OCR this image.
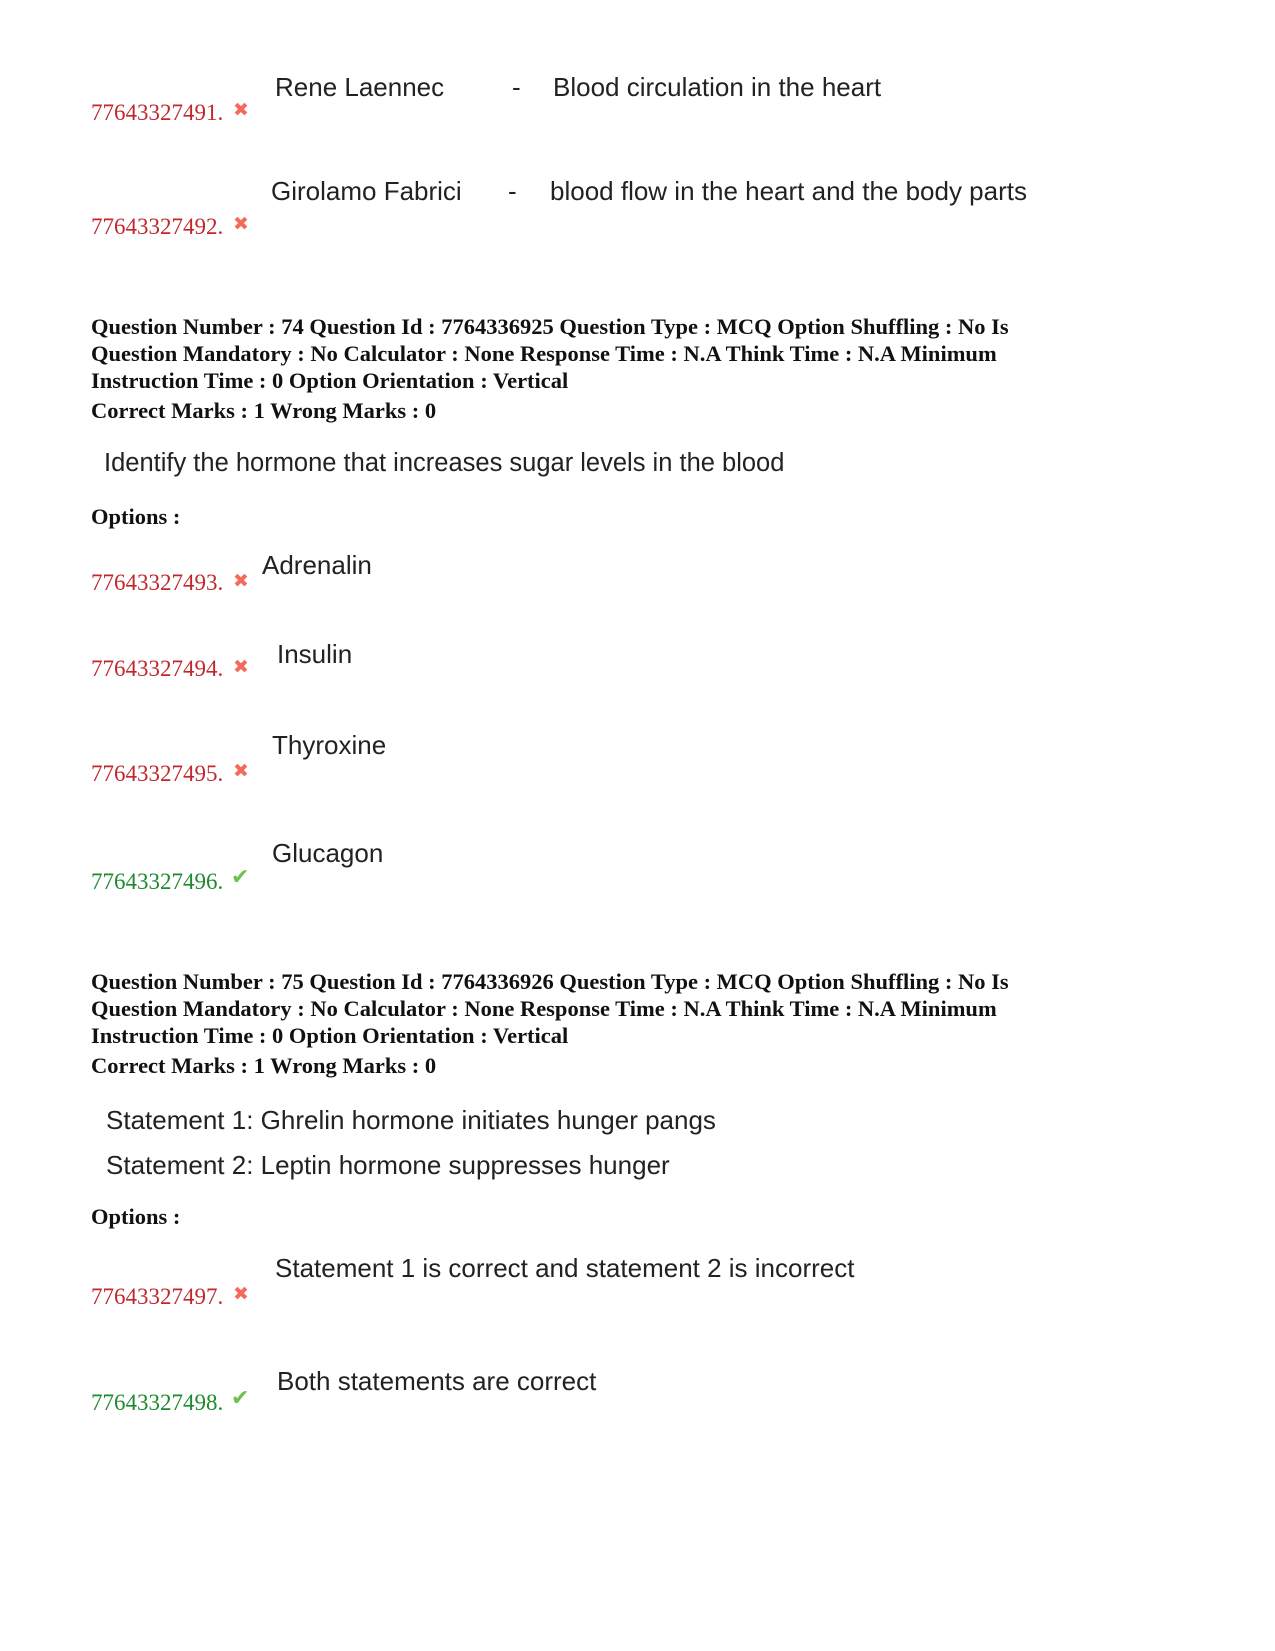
Rene Laennec	- Blood circulation in the heart
77643327491. ✖
Girolamo Fabrici - blood flow in the heart and the body parts
77643327492. ✖
Question Number : 74 Question Id : 7764336925 Question Type : MCQ Option Shuffling : No Is Question Mandatory : No Calculator : None Response Time : N.A Think Time : N.A Minimum Instruction Time : 0 Option Orientation : Vertical
Correct Marks : 1 Wrong Marks : 0
Identify the hormone that increases sugar levels in the blood
Options :
Adrenalin
77643327493. ✖
Insulin
77643327494. ✖
Thyroxine
77643327495. ✖
Glucagon
77643327496. ✔
Question Number : 75 Question Id : 7764336926 Question Type : MCQ Option Shuffling : No Is Question Mandatory : No Calculator : None Response Time : N.A Think Time : N.A Minimum Instruction Time : 0 Option Orientation : Vertical
Correct Marks : 1 Wrong Marks : 0
Statement 1: Ghrelin hormone initiates hunger pangs
Statement 2: Leptin hormone suppresses hunger
Options :
Statement 1 is correct and statement 2 is incorrect
77643327497. ✖
Both statements are correct
77643327498. ✔
